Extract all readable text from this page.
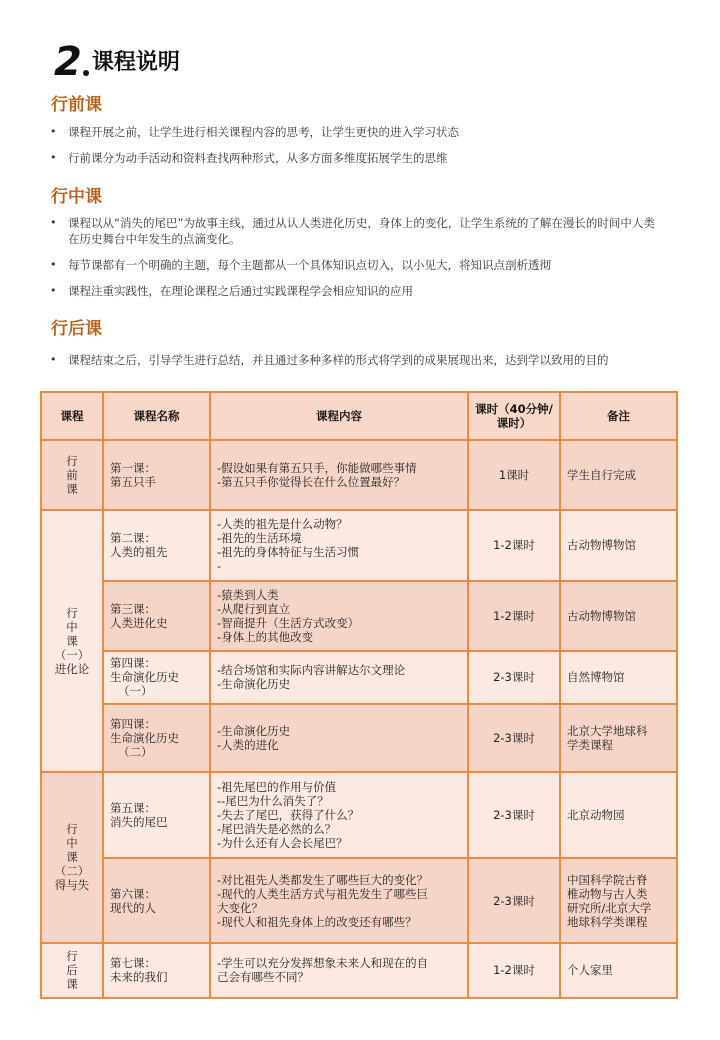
2 课程说明
行前课
• 课程开展之前，让学生进行相关课程内容的思考，让学生更快的进入学习状态
• 行前课分为动手活动和资料查找两种形式，从多方面多维度拓展学生的思维
行中课
• 课程以从“消失的尾巴”为故事主线，通过从认人类进化历史，身体上的变化，让学生系统的了解在漫长的时间中人类在历史舞台中年发生的点滴变化。
• 每节课都有一个明确的主题，每个主题都从一个具体知识点切入，以小见大，将知识点剖析透彻
• 课程注重实践性，在理论课程之后通过实践课程学会相应知识的应用
行后课
• 课程结束之后，引导学生进行总结，并且通过多种多样的形式将学到的成果展现出来，达到学以致用的目的
课程	课程名称	课程内容	课时（40分钟/课时）	备注

行
前
课	第一课：
第五只手	-假设如果有第五只手，你能做哪些事情
-第五只手你觉得长在什么位置最好？	1课时	学生自行完成

行
中
课
（一）
进化论	第二课：
人类的祖先	-人类的祖先是什么动物？
-祖先的生活环境
-祖先的身体特征与生活习惯
-	1-2课时	古动物博物馆

	第三课：
人类进化史	-猿类到人类
-从爬行到直立
-智商提升（生活方式改变）
-身体上的其他改变	1-2课时	古动物博物馆

	第四课：
生命演化历史
（一）	-结合场馆和实际内容讲解达尔文理论
-生命演化历史	2-3课时	自然博物馆

	第四课：
生命演化历史
（二）	-生命演化历史
-人类的进化	2-3课时	北京大学地球科
学类课程

行
中
课
（二）
得与失	第五课：
消失的尾巴	-祖先尾巴的作用与价值
--尾巴为什么消失了？
-失去了尾巴，获得了什么？
-尾巴消失是必然的么？
-为什么还有人会长尾巴？	2-3课时	北京动物园

	第六课：
现代的人	-对比祖先人类都发生了哪些巨大的变化？
-现代的人类生活方式与祖先发生了哪些巨
大变化？
-现代人和祖先身体上的改变还有哪些？	2-3课时	中国科学院古脊
椎动物与古人类
研究所/北京大学
地球科学类课程

行
后
课	第七课：
未来的我们	-学生可以充分发挥想象未来人和现在的自
己会有哪些不同？	1-2课时	个人家里
